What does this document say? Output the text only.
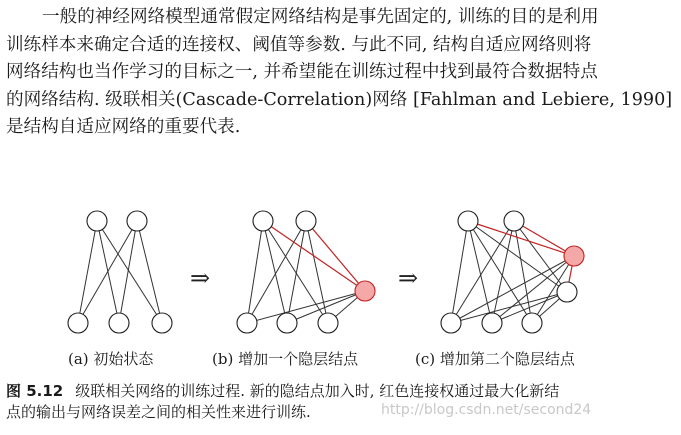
一般的神经网络模型通常假定网络结构是事先固定的, 训练的目的是利用

训练样本来确定合适的连接权、阈值等参数. 与此不同, 结构自适应网络则将

网络结构也当作学习的目标之一, 并希望能在训练过程中找到最符合数据特点

的网络结构. 级联相关(Cascade-Correlation)网络 [Fahlman and Lebiere, 1990]

是结构自适应网络的重要代表.

⇒	⇒
(a) 初始状态	(b) 增加一个隐层结点	(c) 增加第二个隐层结点

图 5.12 级联相关网络的训练过程. 新的隐结点加入时, 红色连接权通过最大化新结

点的输出与网络误差之间的相关性来进行训练.	http://blog.csdn.net/second24
